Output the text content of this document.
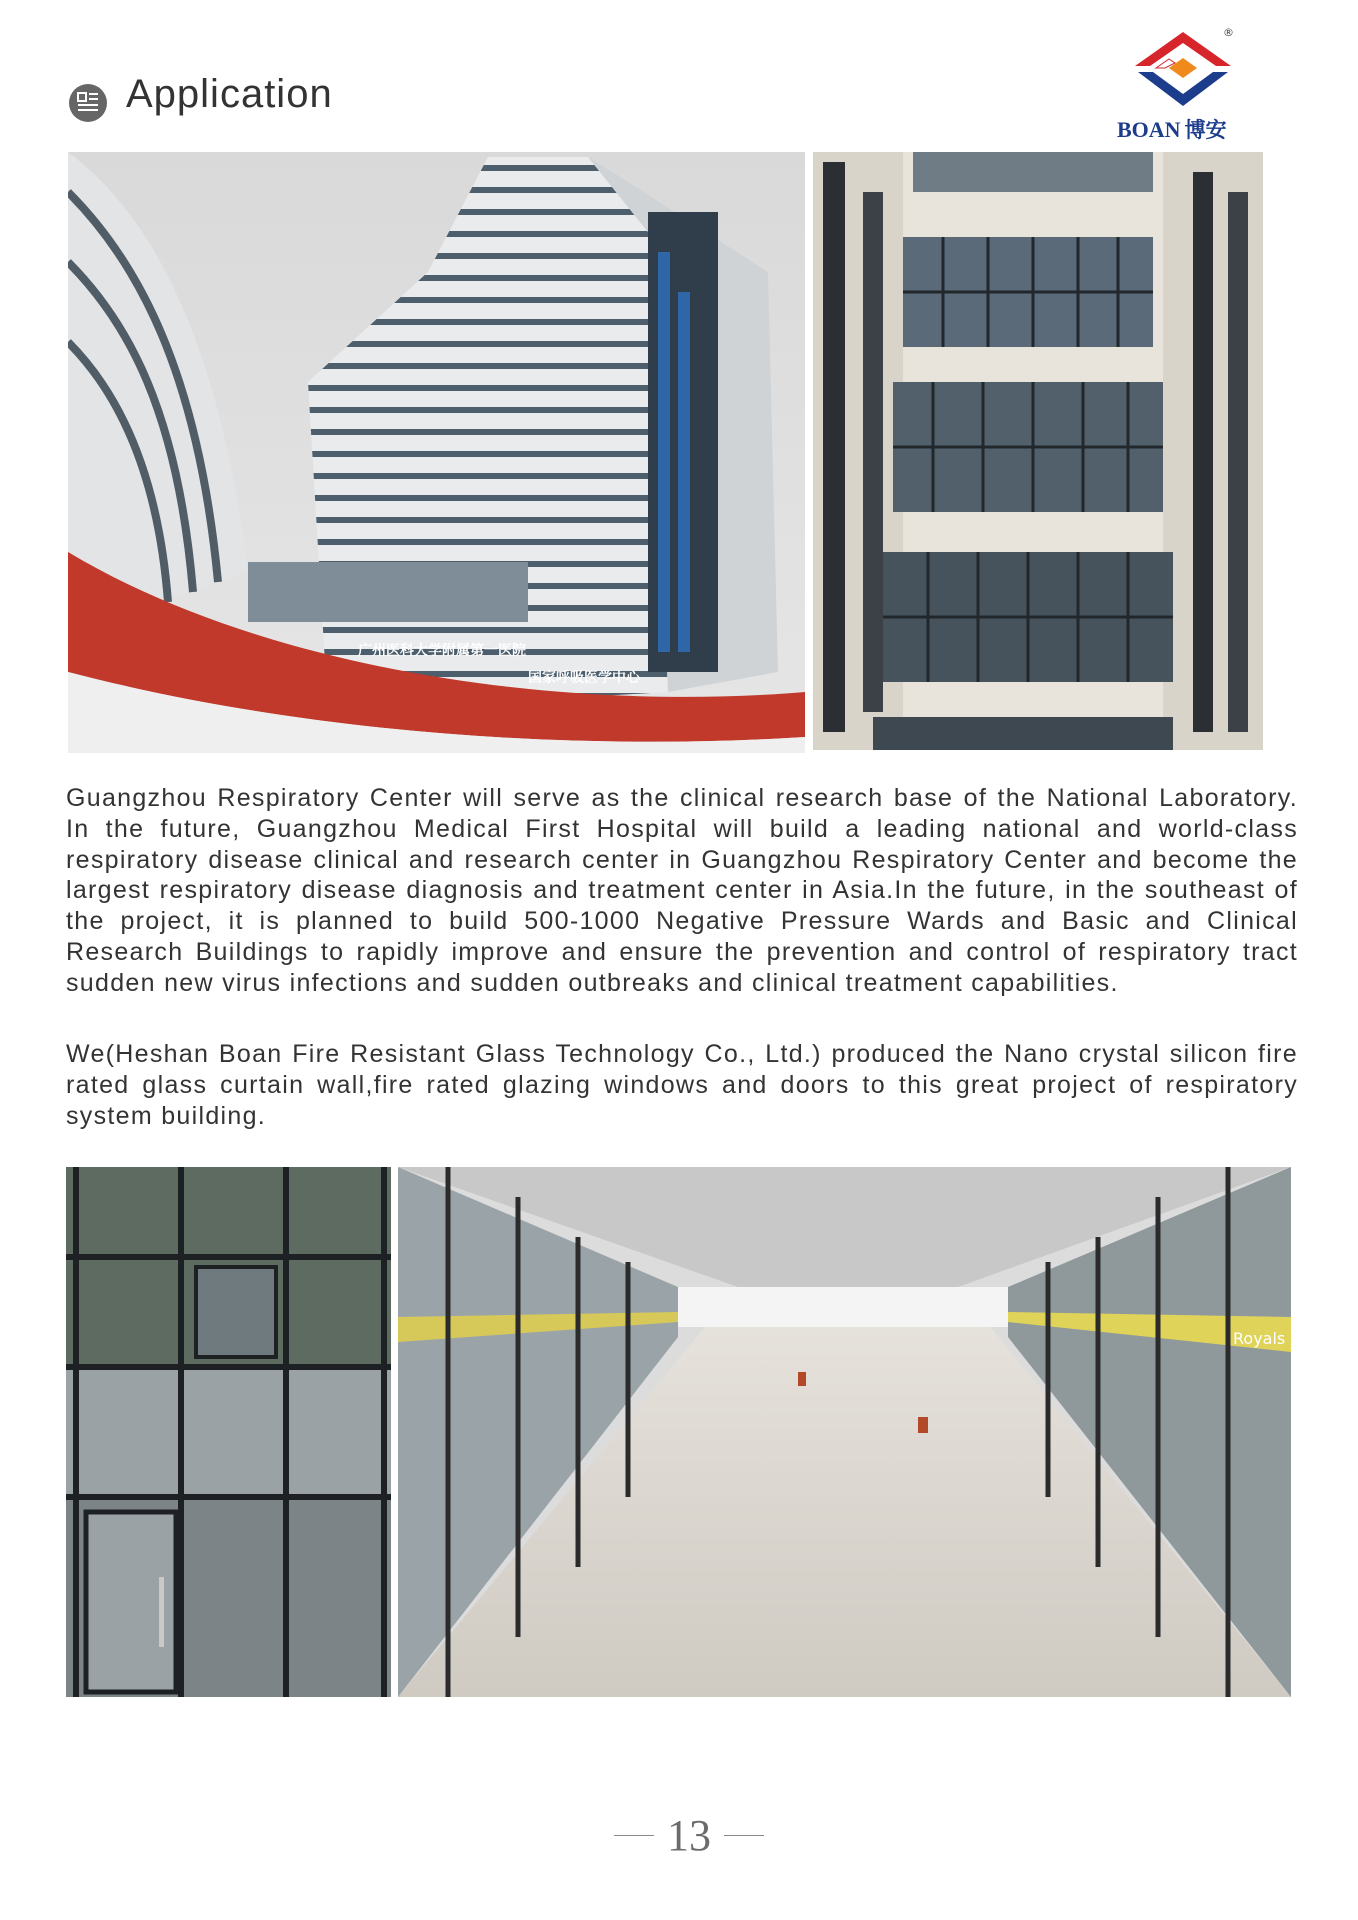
Application
®
BOAN 博安
广州医科大学附属第一医院
国家呼吸医学中心
Guangzhou Respiratory Center will serve as the clinical research base of the National Laboratory. In the future, Guangzhou Medical First Hospital will build a leading national and world-class respiratory disease clinical and research center in Guangzhou Respiratory Center and become the largest respiratory disease diagnosis and treatment center in Asia.In the future, in the southeast of the project, it is planned to build 500-1000 Negative Pressure Wards and Basic and Clinical Research Buildings to rapidly improve and ensure the prevention and control of respiratory tract sudden new virus infections and sudden outbreaks and clinical treatment capabilities.
We(Heshan Boan Fire Resistant Glass Technology Co., Ltd.) produced the Nano crystal silicon fire rated glass curtain wall,fire rated glazing windows and doors to this great project of respiratory system building.
Royals
13
